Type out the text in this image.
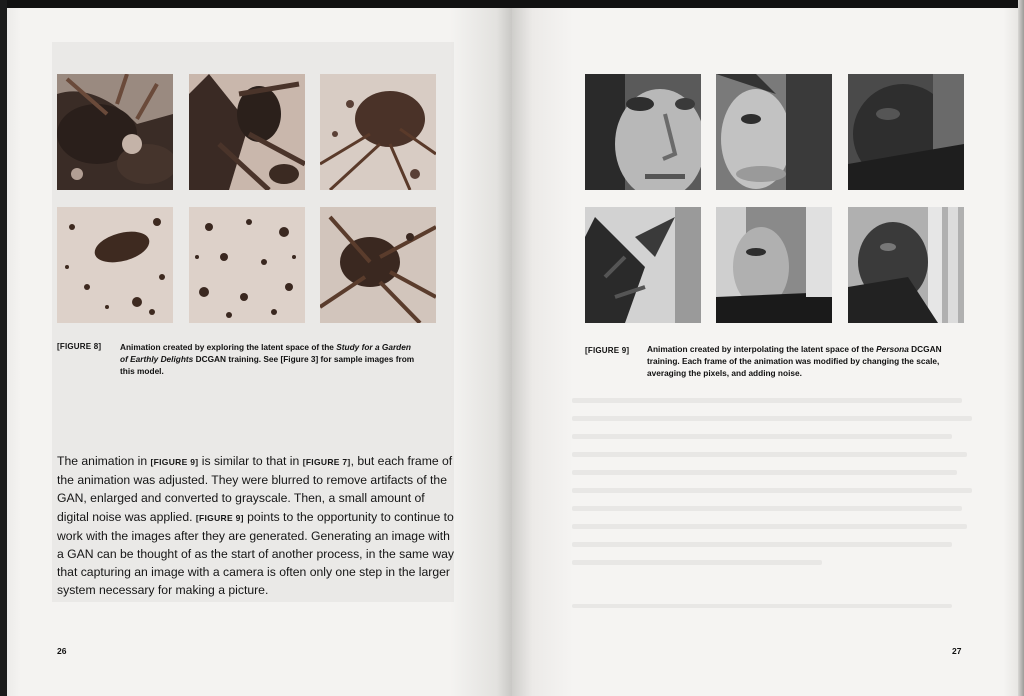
[FIGURE 8] Animation created by exploring the latent space of the Study for a Garden
of Earthly Delights DCGAN training. See [Figure 3] for sample images from
this model.
The animation in [FIGURE 9] is similar to that in [FIGURE 7], but each frame of the animation was adjusted. They were blurred to remove artifacts of the GAN, enlarged and converted to grayscale. Then, a small amount of digital noise was applied. [FIGURE 9] points to the opportunity to continue to work with the images after they are generated. Generating an image with a GAN can be thought of as the start of another process, in the same way that capturing an image with a camera is often only one step in the larger system necessary for making a picture.
26
[FIGURE 9] Animation created by interpolating the latent space of the Persona DCGAN
training. Each frame of the animation was modified by changing the scale,
averaging the pixels, and adding noise.
27
